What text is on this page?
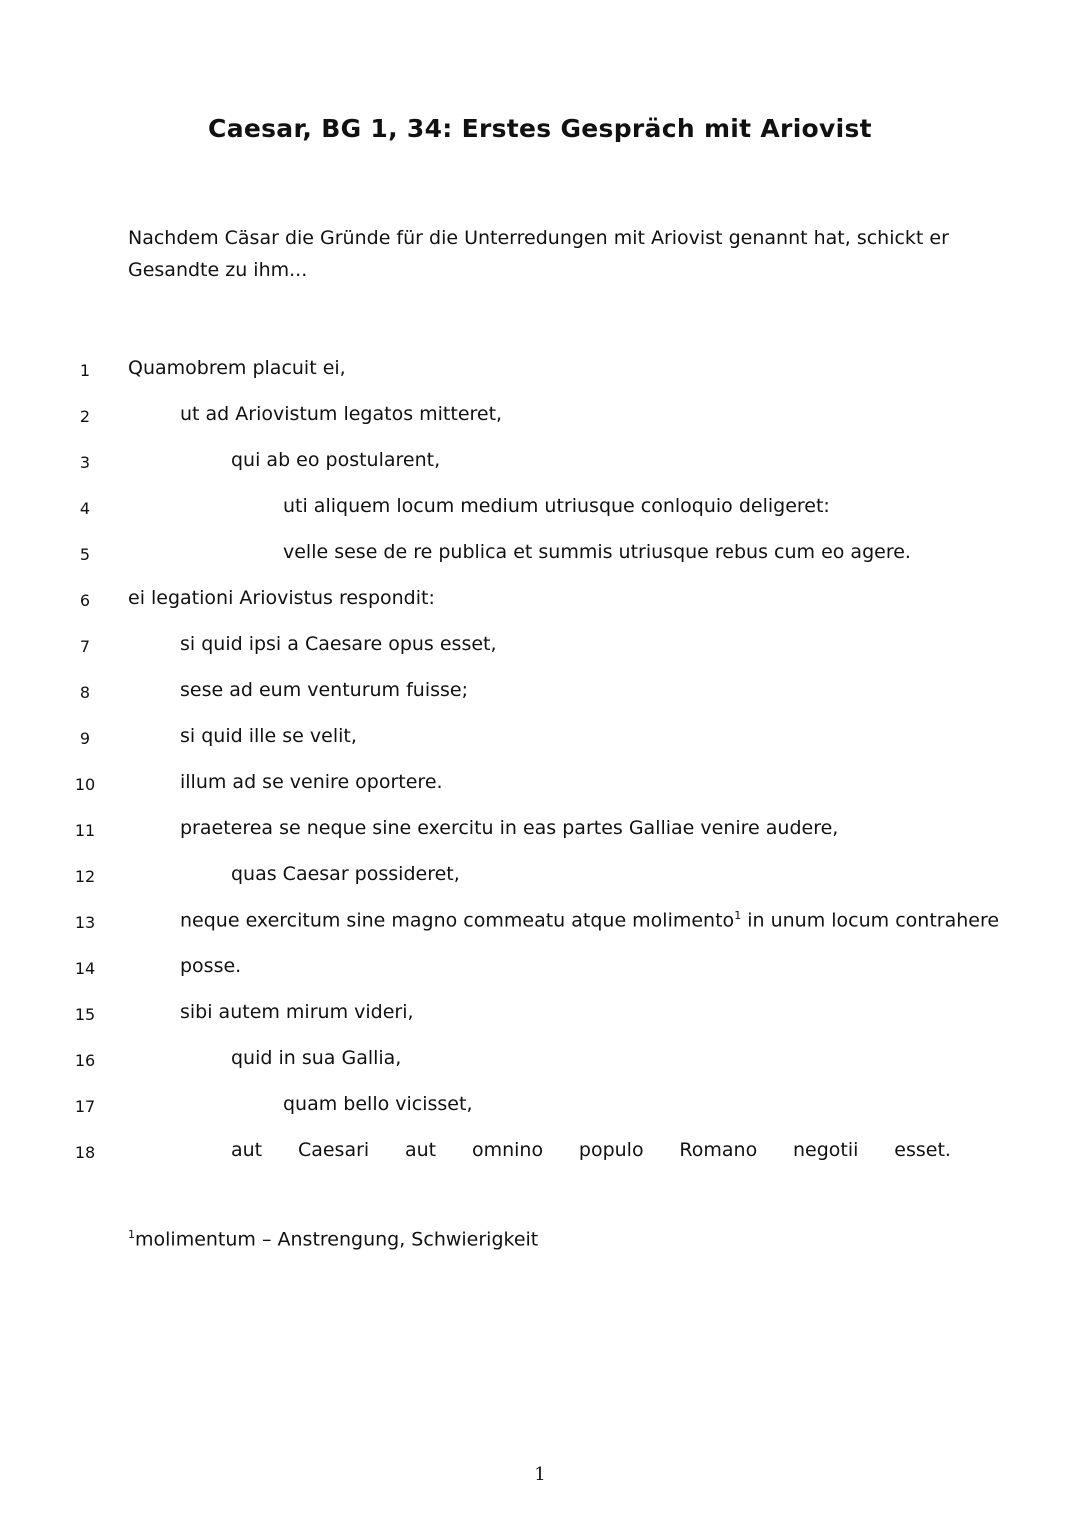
Caesar, BG 1, 34: Erstes Gespräch mit Ariovist
Nachdem Cäsar die Gründe für die Unterredungen mit Ariovist genannt hat, schickt er Gesandte zu ihm...
1	Quamobrem placuit ei,
2	ut ad Ariovistum legatos mitteret,
3	qui ab eo postularent,
4	uti aliquem locum medium utriusque conloquio deligeret:
5	velle sese de re publica et summis utriusque rebus cum eo agere.
6	ei legationi Ariovistus respondit:
7	si quid ipsi a Caesare opus esset,
8	sese ad eum venturum fuisse;
9	si quid ille se velit,
10	illum ad se venire oportere.
11	praeterea se neque sine exercitu in eas partes Galliae venire audere,
12	quas Caesar possideret,
13	neque exercitum sine magno commeatu atque molimento$^1$ in unum locum contrahere
14	posse.
15	sibi autem mirum videri,
16	quid in sua Gallia,
17	quam bello vicisset,
18	aut Caesari aut omnino populo Romano negotii esset.
$^1$molimentum – Anstrengung, Schwierigkeit
1
